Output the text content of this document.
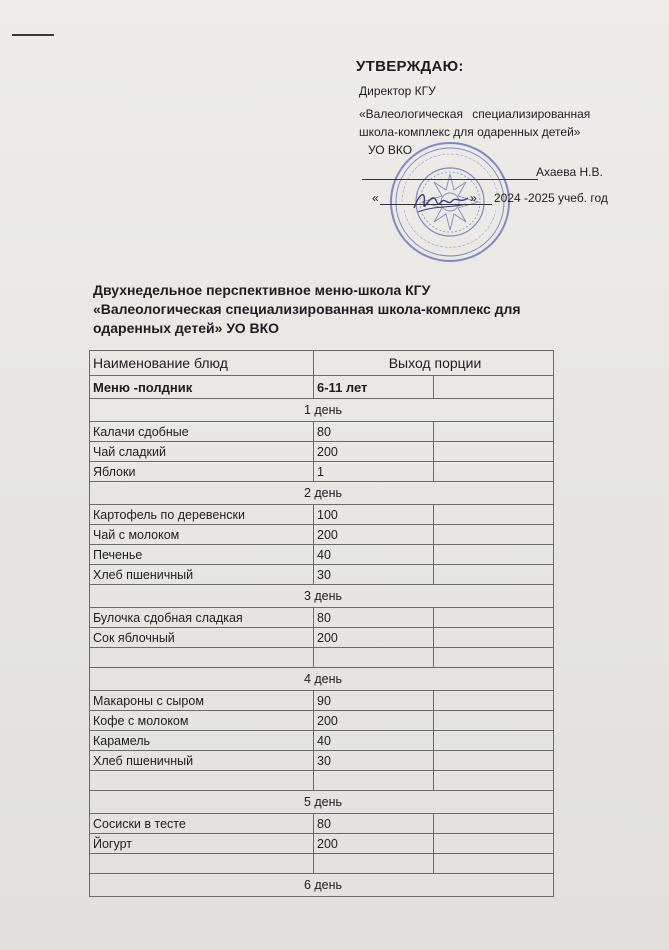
УТВЕРЖДАЮ:
Директор КГУ
«Валеологическая специализированная
школа-комплекс для одаренных детей»
УО ВКО
Ахаева Н.В.
«	» 2024 -2025 учеб. год
Двухнедельное перспективное меню-школа КГУ
«Валеологическая специализированная школа-комплекс для
одаренных детей» УО ВКО
Наименование блюд	Выход порции	
Меню -полдник	6-11 лет	
1 день		
Калачи сдобные	80	
Чай сладкий	200	
Яблоки	1	
2 день		
Картофель по деревенски	100	
Чай с молоком	200	
Печенье	40	
Хлеб пшеничный	30	
3 день		
Булочка сдобная сладкая	80	
Сок яблочный	200	

4 день		
Макароны с сыром	90	
Кофе с молоком	200	
Карамель	40	
Хлеб пшеничный	30	

5 день		
Сосиски в тесте	80	
Йогурт	200	

6 день		
